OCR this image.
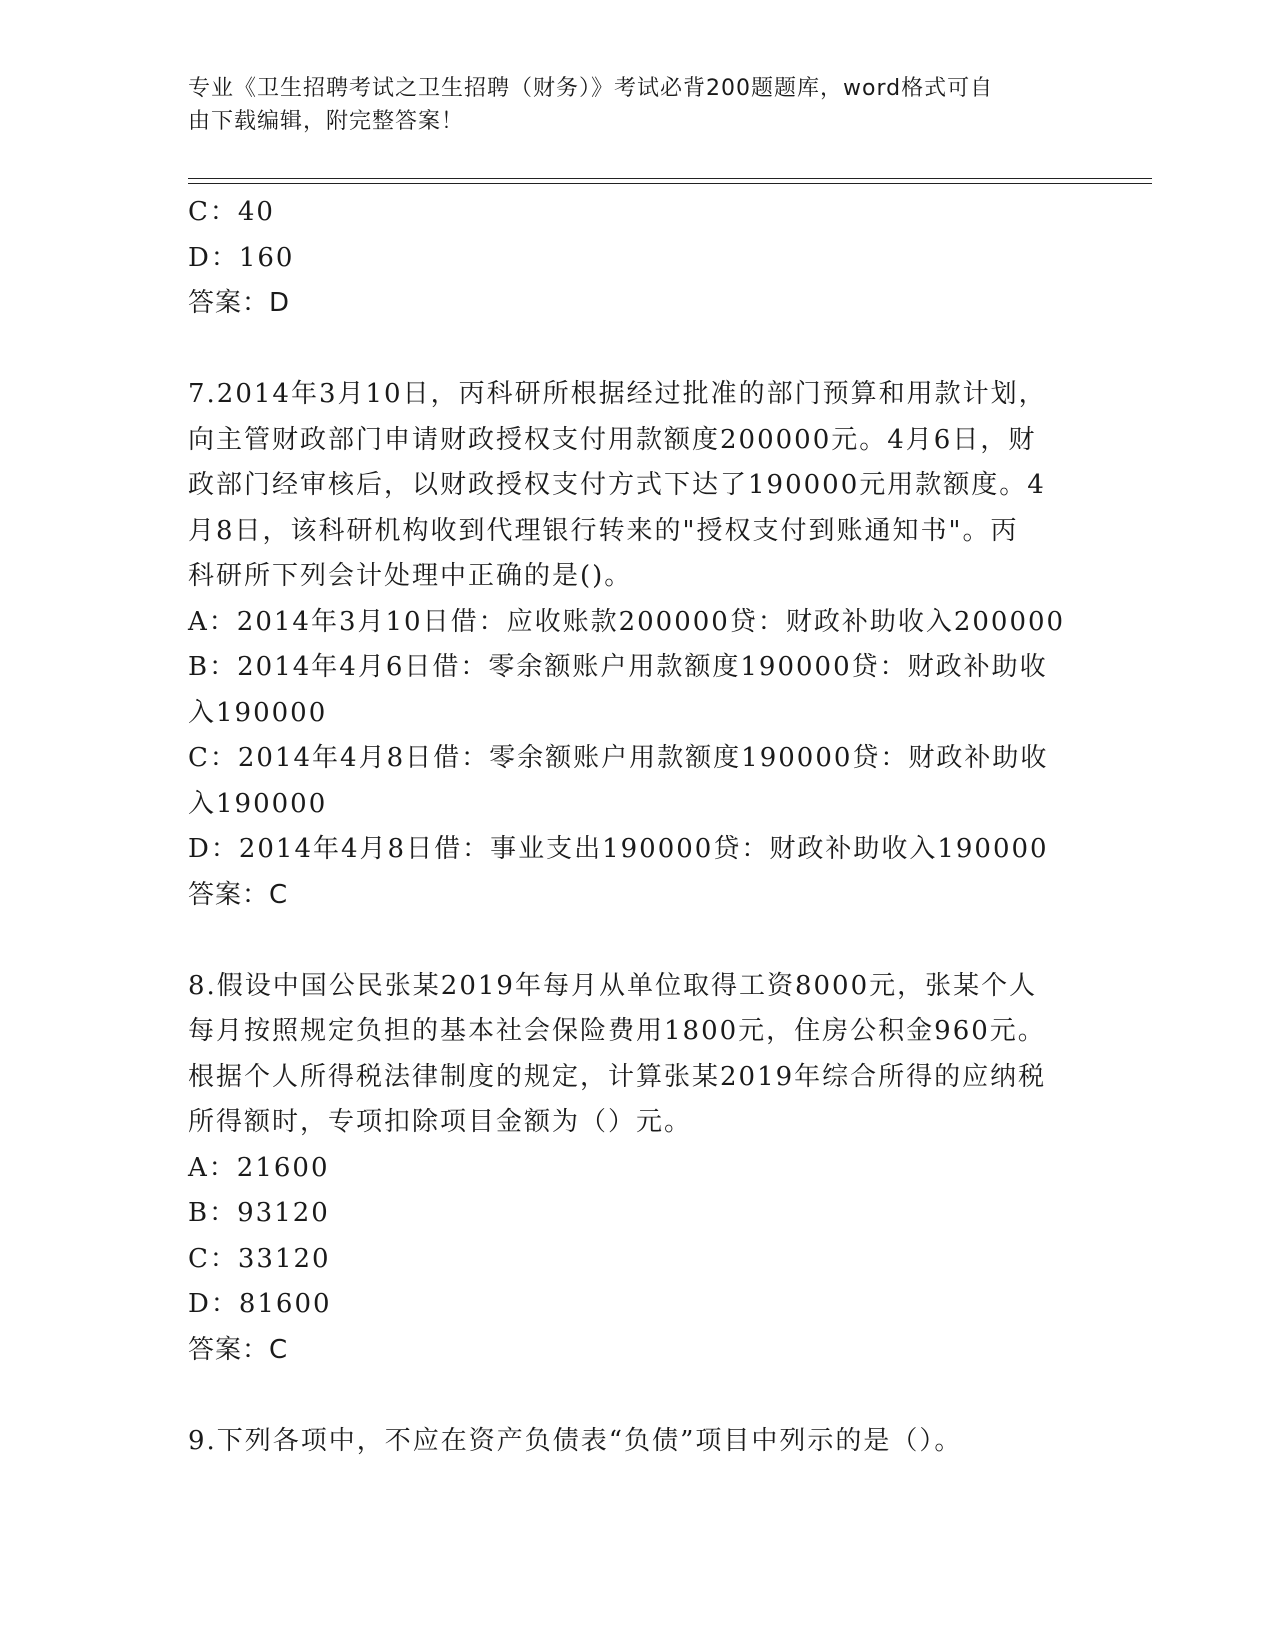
专业《卫生招聘考试之卫生招聘（财务）》考试必背200题题库，word格式可自
由下载编辑，附完整答案！
C：40
D：160
答案：D
7.2014年3月10日，丙科研所根据经过批准的部门预算和用款计划，
向主管财政部门申请财政授权支付用款额度200000元。4月6日，财
政部门经审核后，以财政授权支付方式下达了190000元用款额度。4
月8日，该科研机构收到代理银行转来的"授权支付到账通知书"。丙
科研所下列会计处理中正确的是()。
A：2014年3月10日借：应收账款200000贷：财政补助收入200000
B：2014年4月6日借：零余额账户用款额度190000贷：财政补助收
入190000
C：2014年4月8日借：零余额账户用款额度190000贷：财政补助收
入190000
D：2014年4月8日借：事业支出190000贷：财政补助收入190000
答案：C
8.假设中国公民张某2019年每月从单位取得工资8000元，张某个人
每月按照规定负担的基本社会保险费用1800元，住房公积金960元。
根据个人所得税法律制度的规定，计算张某2019年综合所得的应纳税
所得额时，专项扣除项目金额为（）元。
A：21600
B：93120
C：33120
D：81600
答案：C
9.下列各项中，不应在资产负债表“负债”项目中列示的是（）。
